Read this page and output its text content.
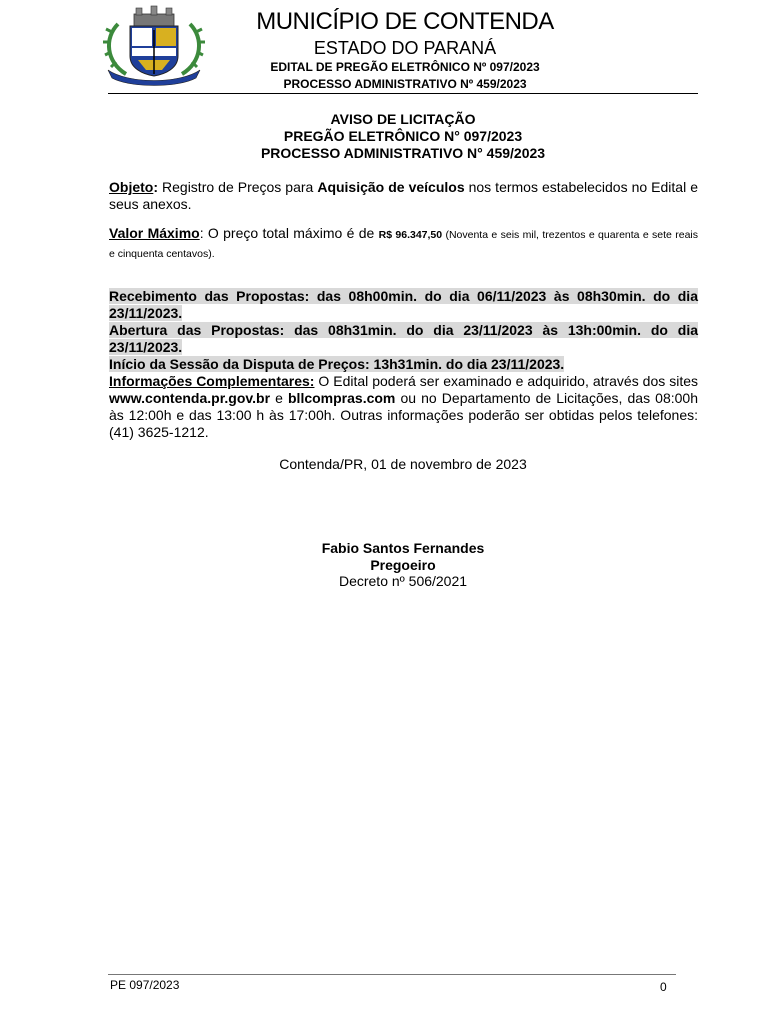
MUNICÍPIO DE CONTENDA
ESTADO DO PARANÁ
EDITAL DE PREGÃO ELETRÔNICO Nº 097/2023
PROCESSO ADMINISTRATIVO Nº 459/2023
AVISO DE LICITAÇÃO
PREGÃO ELETRÔNICO N° 097/2023
PROCESSO ADMINISTRATIVO N° 459/2023
Objeto: Registro de Preços para Aquisição de veículos nos termos estabelecidos no Edital e seus anexos.
Valor Máximo: O preço total máximo é de R$ 96.347,50 (Noventa e seis mil, trezentos e quarenta e sete reais e cinquenta centavos).
Recebimento das Propostas: das 08h00min. do dia 06/11/2023 às 08h30min. do dia 23/11/2023.
Abertura das Propostas: das 08h31min. do dia 23/11/2023 às 13h:00min. do dia 23/11/2023.
Início da Sessão da Disputa de Preços: 13h31min. do dia 23/11/2023.
Informações Complementares: O Edital poderá ser examinado e adquirido, através dos sites www.contenda.pr.gov.br e bllcompras.com ou no Departamento de Licitações, das 08:00h às 12:00h e das 13:00 h às 17:00h. Outras informações poderão ser obtidas pelos telefones: (41) 3625-1212.
Contenda/PR, 01 de novembro de 2023
Fabio Santos Fernandes
Pregoeiro
Decreto nº 506/2021
PE 097/2023	0
